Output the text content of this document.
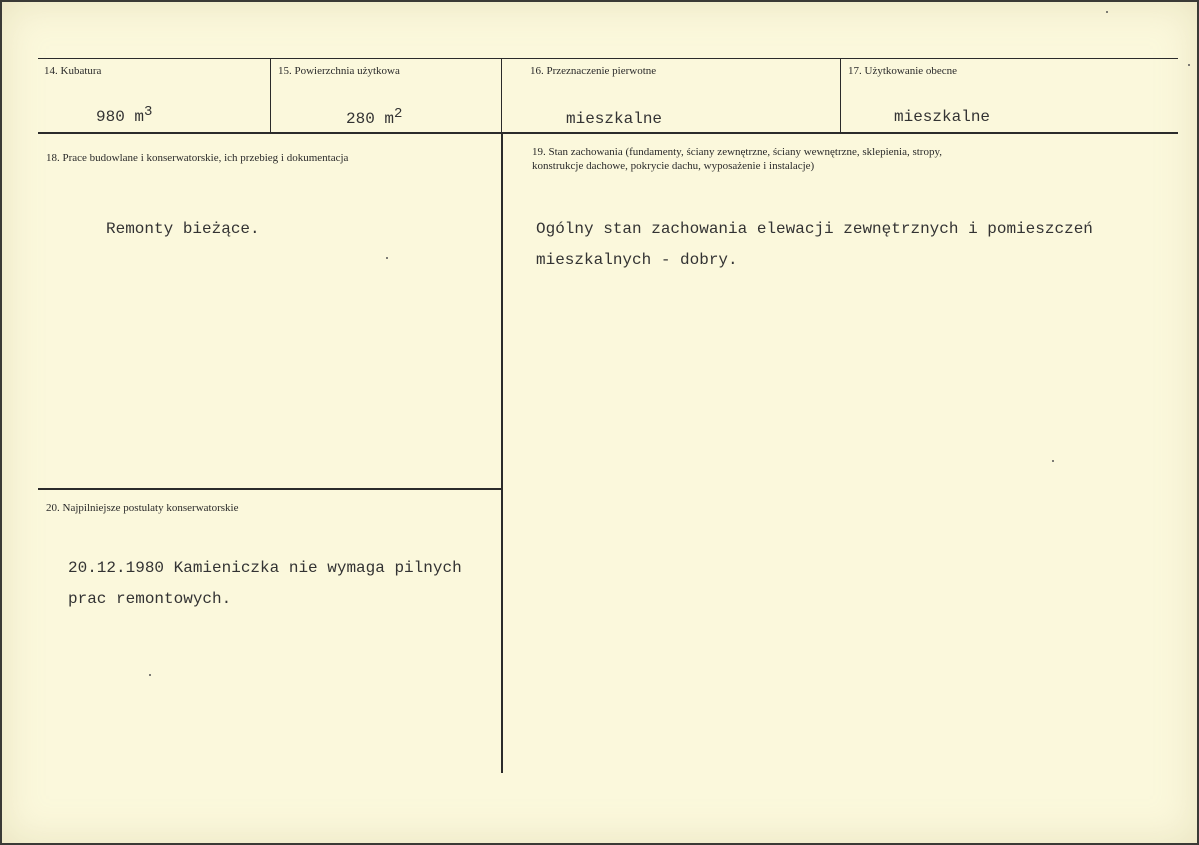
14. Kubatura
980 $m^3$
15. Powierzchnia użytkowa
280 $m^2$
16. Przeznaczenie pierwotne
mieszkalne
17. Użytkowanie obecne
mieszkalne
18. Prace budowlane i konserwatorskie, ich przebieg i dokumentacja
Remonty bieżące.
19. Stan zachowania (fundamenty, ściany zewnętrzne, ściany wewnętrzne, sklepienia, stropy,
konstrukcje dachowe, pokrycie dachu, wyposażenie i instalacje)
Ogólny stan zachowania elewacji zewnętrznych i pomieszczeń
mieszkalnych - dobry.
20. Najpilniejsze postulaty konserwatorskie
20.12.1980 Kamieniczka nie wymaga pilnych
prac remontowych.
